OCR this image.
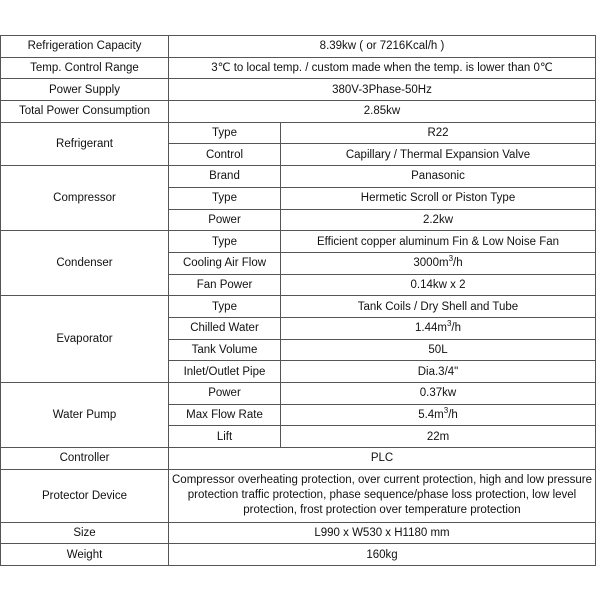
Refrigeration Capacity	8.39kw ( or 7216Kcal/h )	
Temp. Control Range	3℃ to local temp. / custom made when the temp. is lower than 0℃	
Power Supply	380V-3Phase-50Hz	
Total Power Consumption	2.85kw	
Refrigerant	Type	R22
	Control	Capillary / Thermal Expansion Valve
Compressor	Brand	Panasonic
	Type	Hermetic Scroll or Piston Type
	Power	2.2kw
Condenser	Type	Efficient copper aluminum Fin & Low Noise Fan
	Cooling Air Flow	$3000m^3/h$
	Fan Power	0.14kw x 2
Evaporator	Type	Tank Coils / Dry Shell and Tube
	Chilled Water	$1.44m^3/h$
	Tank Volume	50L
	Inlet/Outlet Pipe	Dia.3/4"
Water Pump	Power	0.37kw
	Max Flow Rate	$5.4m^3/h$
	Lift	22m
Controller	PLC	
Protector Device	Compressor overheating protection, over current protection, high and low pressure protection traffic protection, phase sequence/phase loss protection, low level protection, frost protection over temperature protection	
Size	L990 x W530 x H1180 mm	
Weight	160kg	
